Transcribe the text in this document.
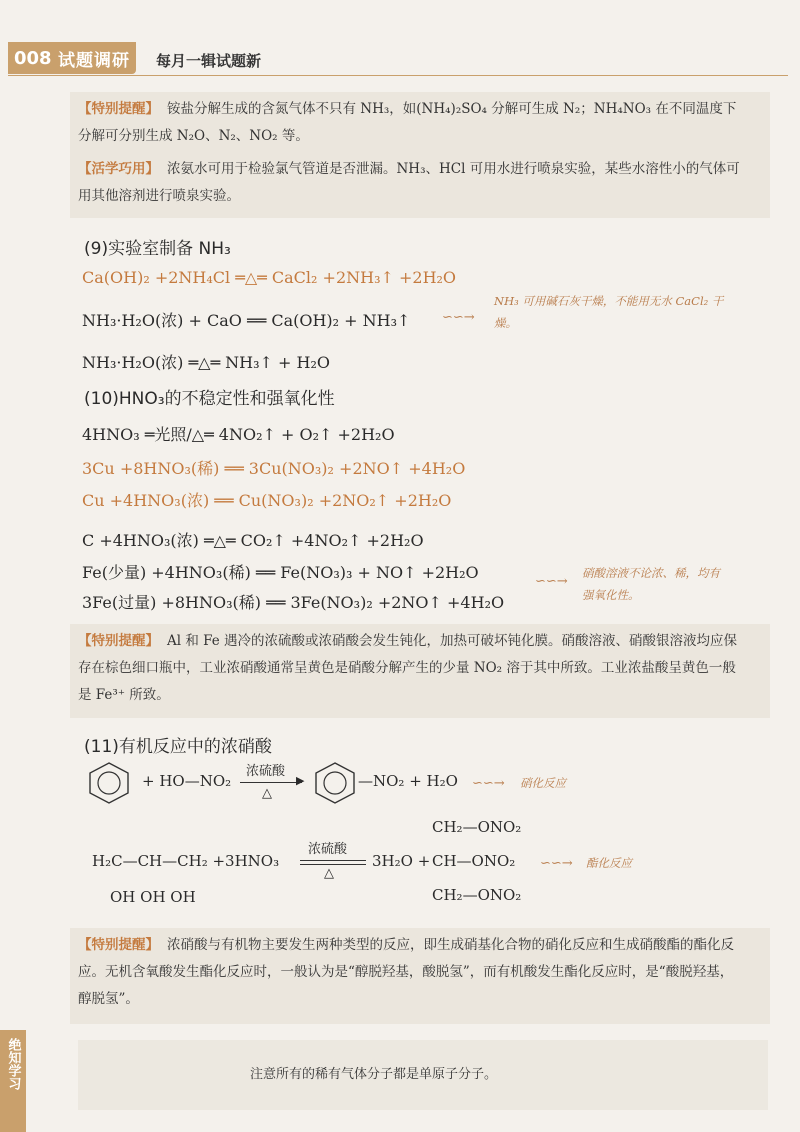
008 试题调研 每月一辑试题新
【特别提醒】 铵盐分解生成的含氮气体不只有 NH₃，如(NH₄)₂SO₄ 分解可生成 N₂；NH₄NO₃ 在不同温度下分解可分别生成 N₂O、N₂、NO₂ 等。
【活学巧用】 浓氨水可用于检验氯气管道是否泄漏。NH₃、HCl 可用水进行喷泉实验，某些水溶性小的气体可用其他溶剂进行喷泉实验。
(9)实验室制备 NH₃
Ca(OH)₂ +2NH₄Cl ═△═ CaCl₂ +2NH₃↑ +2H₂O
NH₃·H₂O(浓) + CaO ══ Ca(OH)₂ + NH₃↑ ∽∽→
NH₃ 可用碱石灰干燥，不能用无水 CaCl₂ 干燥。
NH₃·H₂O(浓) ═△═ NH₃↑ + H₂O
(10)HNO₃的不稳定性和强氧化性
4HNO₃ ═光照/△═ 4NO₂↑ + O₂↑ +2H₂O
3Cu +8HNO₃(稀) ══ 3Cu(NO₃)₂ +2NO↑ +4H₂O
Cu +4HNO₃(浓) ══ Cu(NO₃)₂ +2NO₂↑ +2H₂O
C +4HNO₃(浓) ═△═ CO₂↑ +4NO₂↑ +2H₂O
Fe(少量) +4HNO₃(稀) ══ Fe(NO₃)₃ + NO↑ +2H₂O
3Fe(过量) +8HNO₃(稀) ══ 3Fe(NO₃)₂ +2NO↑ +4H₂O
∽∽→
硝酸溶液不论浓、稀，均有强氧化性。
【特别提醒】 Al 和 Fe 遇冷的浓硫酸或浓硝酸会发生钝化，加热可破坏钝化膜。硝酸溶液、硝酸银溶液均应保存在棕色细口瓶中，工业浓硝酸通常呈黄色是硝酸分解产生的少量 NO₂ 溶于其中所致。工业浓盐酸呈黄色一般是 Fe³⁺ 所致。
(11)有机反应中的浓硝酸
+ HO—NO₂
浓硫酸
▶
△
—NO₂ + H₂O ∽∽→ 硝化反应
H₂C—CH—CH₂ +3HNO₃
OH OH OH
浓硫酸
△
3H₂O +
CH₂—ONO₂
CH—ONO₂
CH₂—ONO₂
∽∽→ 酯化反应
【特别提醒】 浓硝酸与有机物主要发生两种类型的反应，即生成硝基化合物的硝化反应和生成硝酸酯的酯化反应。无机含氧酸发生酯化反应时，一般认为是“醇脱羟基，酸脱氢”，而有机酸发生酯化反应时，是“酸脱羟基，醇脱氢”。
注意所有的稀有气体分子都是单原子分子。
绝知学习
